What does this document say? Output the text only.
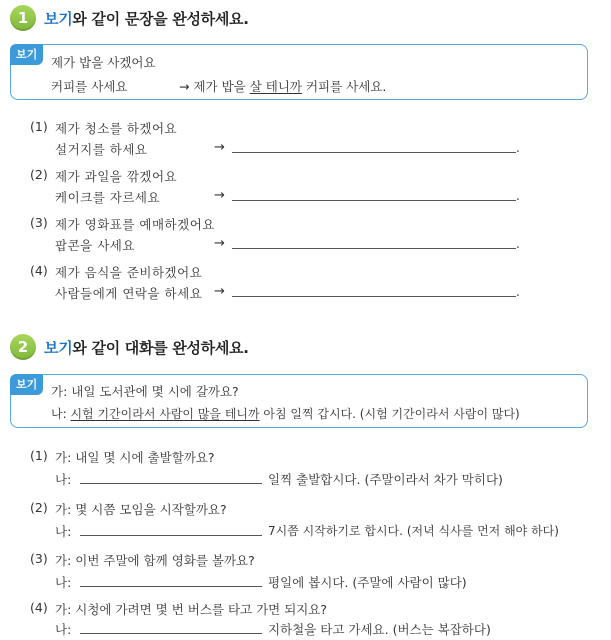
1	보기와 같이 문장을 완성하세요.
보기
제가 밥을 사겠어요
커피를 사세요	→ 제가 밥을 살 테니까 커피를 사세요.
(1) 제가 청소를 하겠어요
설거지를 하세요	→	.
(2) 제가 과일을 깎겠어요
케이크를 자르세요	→	.
(3) 제가 영화표를 예매하겠어요
팝콘을 사세요	→	.
(4) 제가 음식을 준비하겠어요
사람들에게 연락을 하세요 →	.
2	보기와 같이 대화를 완성하세요.
보기	가: 내일 도서관에 몇 시에 갈까요?
나: 시험 기간이라서 사람이 많을 테니까 아침 일찍 갑시다. (시험 기간이라서 사람이 많다)
(1) 가: 내일 몇 시에 출발할까요?
나:	일찍 출발합시다. (주말이라서 차가 막히다)
(2) 가: 몇 시쯤 모임을 시작할까요?
나:	7시쯤 시작하기로 합시다. (저녁 식사를 먼저 해야 하다)
(3) 가: 이번 주말에 함께 영화를 볼까요?
나:	평일에 봅시다. (주말에 사람이 많다)
(4) 가: 시청에 가려면 몇 번 버스를 타고 가면 되지요?
나:	지하철을 타고 가세요. (버스는 복잡하다)
